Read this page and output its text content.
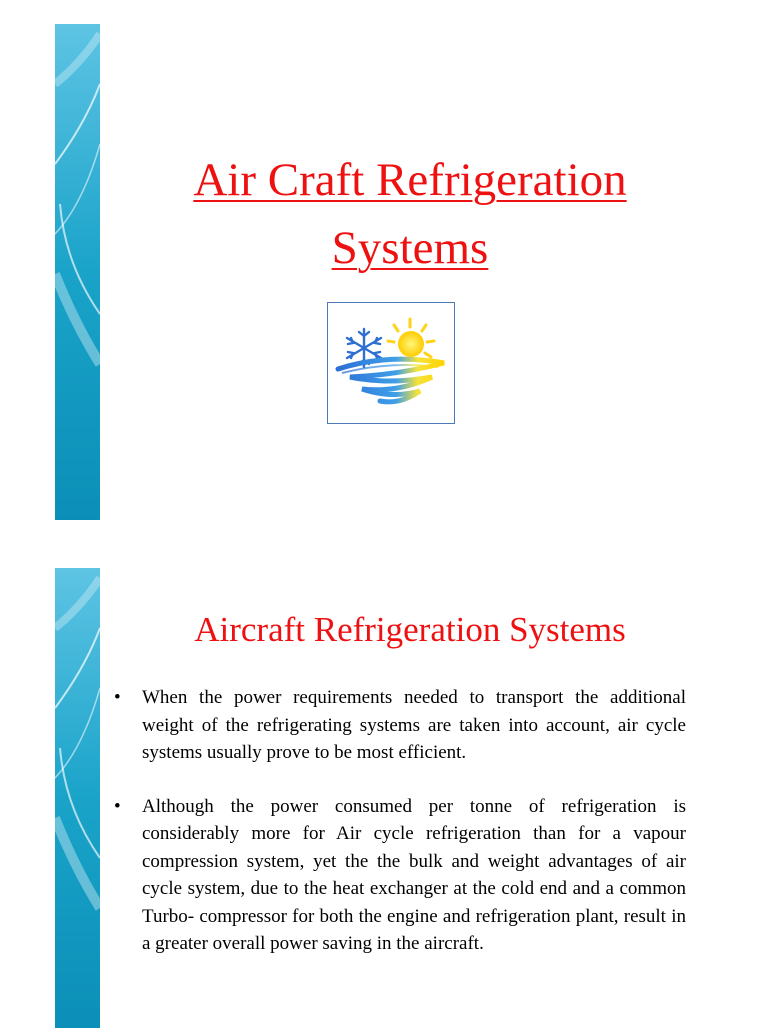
Air Craft Refrigeration
Systems
Aircraft Refrigeration Systems
• When the power requirements needed to transport the additional weight of the refrigerating systems are taken into account, air cycle systems usually prove to be most efficient.
• Although the power consumed per tonne of refrigeration is considerably more for Air cycle refrigeration than for a vapour compression system, yet the the bulk and weight advantages of air cycle system, due to the heat exchanger at the cold end and a common Turbo- compressor for both the engine and refrigeration plant, result in a greater overall power saving in the aircraft.
